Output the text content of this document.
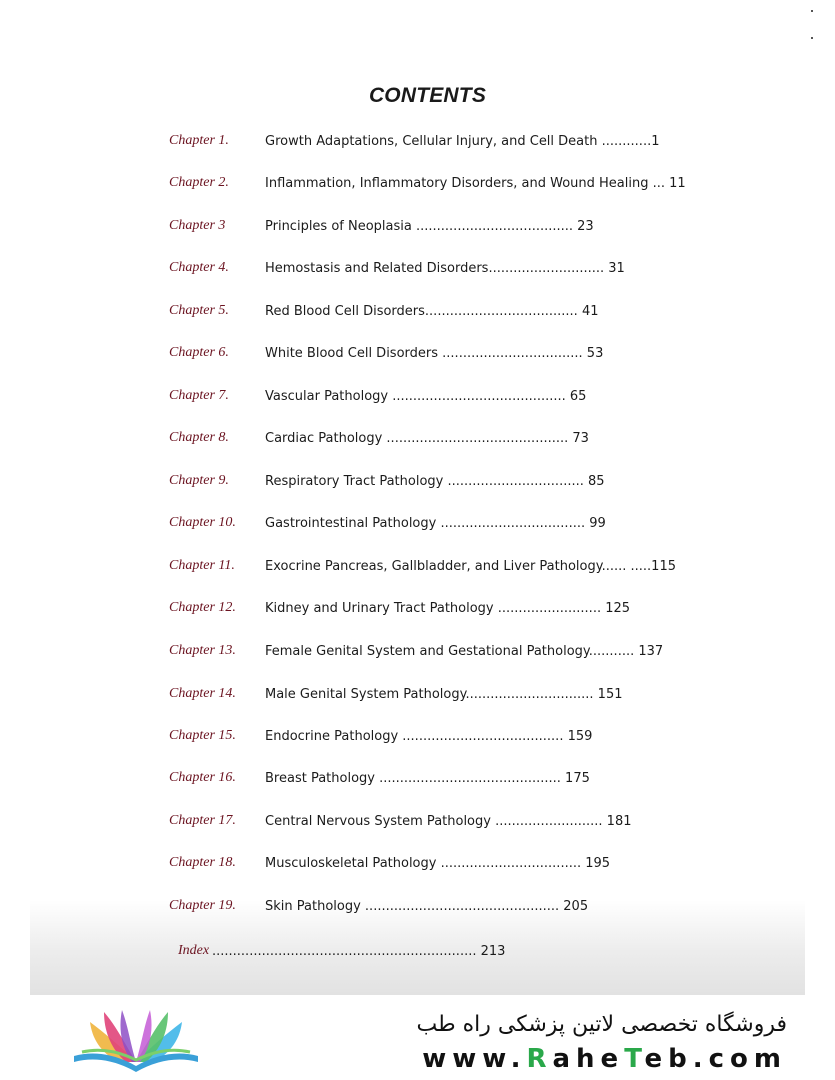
CONTENTS
Chapter 1.	Growth Adaptations, Cellular Injury, and Cell Death ............1
Chapter 2.	Inflammation, Inflammatory Disorders, and Wound Healing ... 11
Chapter 3	Principles of Neoplasia ...................................... 23
Chapter 4.	Hemostasis and Related Disorders............................ 31
Chapter 5.	Red Blood Cell Disorders..................................... 41
Chapter 6.	White Blood Cell Disorders .................................. 53
Chapter 7.	Vascular Pathology .......................................... 65
Chapter 8.	Cardiac Pathology ............................................ 73
Chapter 9.	Respiratory Tract Pathology ................................. 85
Chapter 10. Gastrointestinal Pathology ................................... 99
Chapter 11. Exocrine Pancreas, Gallbladder, and Liver Pathology...... .....115
Chapter 12. Kidney and Urinary Tract Pathology ......................... 125
Chapter 13. Female Genital System and Gestational Pathology........... 137
Chapter 14. Male Genital System Pathology............................... 151
Chapter 15. Endocrine Pathology ....................................... 159
Chapter 16. Breast Pathology ............................................ 175
Chapter 17. Central Nervous System Pathology .......................... 181
Chapter 18. Musculoskeletal Pathology .................................. 195
Chapter 19. Skin Pathology ............................................... 205
Index ................................................................ 213
فروشگاه تخصصی لاتین پزشکی راه طب
www.RaheTeb.com
